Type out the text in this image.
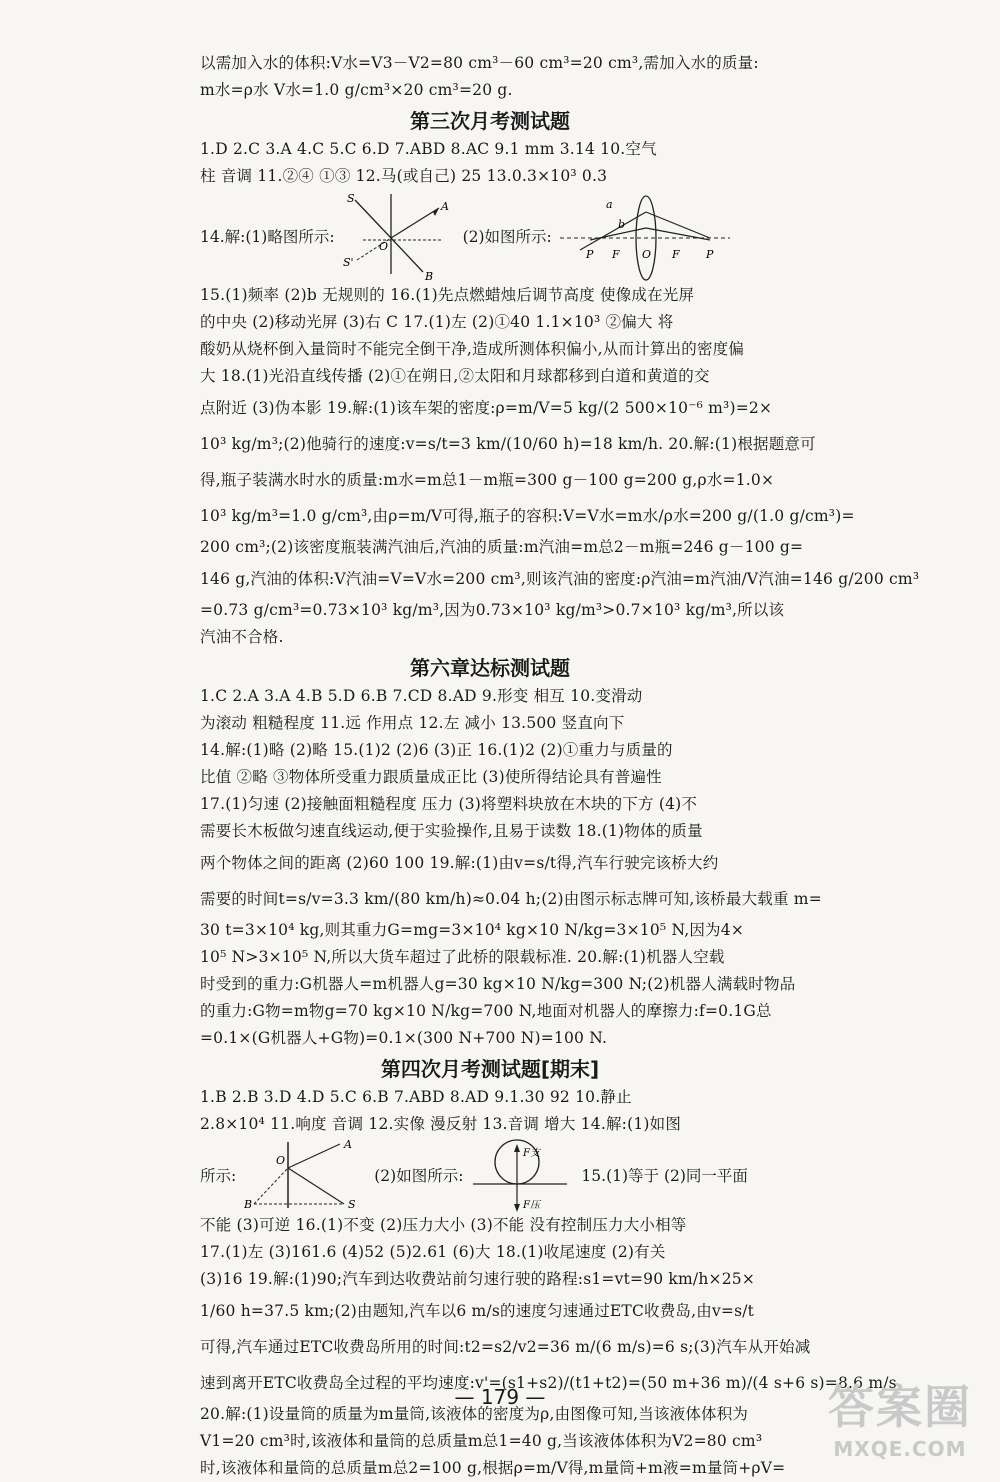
以需加入水的体积:V水=V3－V2=80 cm³－60 cm³=20 cm³,需加入水的质量:

m水=ρ水 V水=1.0 g/cm³×20 cm³=20 g.

第三次月考测试题

1.D 2.C 3.A 4.C 5.C 6.D 7.ABD 8.AC 9.1 mm 3.14 10.空气

柱 音调 11.②④ ①③ 12.马(或自己) 25 13.0.3×10³ 0.3

14.解:(1)略图所示:
S
S'
A
B
O
(2)如图所示:
a
b
P F O F P

15.(1)频率 (2)b 无规则的 16.(1)先点燃蜡烛后调节高度 使像成在光屏

的中央 (2)移动光屏 (3)右 C 17.(1)左 (2)①40 1.1×10³ ②偏大 将

酸奶从烧杯倒入量筒时不能完全倒干净,造成所测体积偏小,从而计算出的密度偏

大 18.(1)光沿直线传播 (2)①在朔日,②太阳和月球都移到白道和黄道的交

点附近 (3)伪本影 19.解:(1)该车架的密度:ρ=m/V=5 kg/(2 500×10⁻⁶ m³)=2×

10³ kg/m³;(2)他骑行的速度:v=s/t=3 km/(10/60 h)=18 km/h. 20.解:(1)根据题意可

得,瓶子装满水时水的质量:m水=m总1－m瓶=300 g－100 g=200 g,ρ水=1.0×

10³ kg/m³=1.0 g/cm³,由ρ=m/V可得,瓶子的容积:V=V水=m水/ρ水=200 g/(1.0 g/cm³)=

200 cm³;(2)该密度瓶装满汽油后,汽油的质量:m汽油=m总2－m瓶=246 g－100 g=

146 g,汽油的体积:V汽油=V=V水=200 cm³,则该汽油的密度:ρ汽油=m汽油/V汽油=146 g/200 cm³

=0.73 g/cm³=0.73×10³ kg/m³,因为0.73×10³ kg/m³>0.7×10³ kg/m³,所以该

汽油不合格.

第六章达标测试题

1.C 2.A 3.A 4.B 5.D 6.B 7.CD 8.AD 9.形变 相互 10.变滑动

为滚动 粗糙程度 11.远 作用点 12.左 减小 13.500 竖直向下

14.解:(1)略 (2)略 15.(1)2 (2)6 (3)正 16.(1)2 (2)①重力与质量的

比值 ②略 ③物体所受重力跟质量成正比 (3)使所得结论具有普遍性

17.(1)匀速 (2)接触面粗糙程度 压力 (3)将塑料块放在木块的下方 (4)不

需要长木板做匀速直线运动,便于实验操作,且易于读数 18.(1)物体的质量

两个物体之间的距离 (2)60 100 19.解:(1)由v=s/t得,汽车行驶完该桥大约

需要的时间t=s/v=3.3 km/(80 km/h)≈0.04 h;(2)由图示标志牌可知,该桥最大载重 m=

30 t=3×10⁴ kg,则其重力G=mg=3×10⁴ kg×10 N/kg=3×10⁵ N,因为4×

10⁵ N>3×10⁵ N,所以大货车超过了此桥的限载标准. 20.解:(1)机器人空载

时受到的重力:G机器人=m机器人g=30 kg×10 N/kg=300 N;(2)机器人满载时物品

的重力:G物=m物g=70 kg×10 N/kg=700 N,地面对机器人的摩擦力:f=0.1G总

=0.1×(G机器人+G物)=0.1×(300 N+700 N)=100 N.

第四次月考测试题[期末]

1.B 2.B 3.D 4.D 5.C 6.B 7.ABD 8.AD 9.1.30 92 10.静止

2.8×10⁴ 11.响度 音调 12.实像 漫反射 13.音调 增大 14.解:(1)如图

所示:
A
O
B	S
(2)如图所示:
F支
F压
15.(1)等于 (2)同一平面

不能 (3)可逆 16.(1)不变 (2)压力大小 (3)不能 没有控制压力大小相等

17.(1)左 (3)161.6 (4)52 (5)2.61 (6)大 18.(1)收尾速度 (2)有关

(3)16 19.解:(1)90;汽车到达收费站前匀速行驶的路程:s1=vt=90 km/h×25×

1/60 h=37.5 km;(2)由题知,汽车以6 m/s的速度匀速通过ETC收费岛,由v=s/t

可得,汽车通过ETC收费岛所用的时间:t2=s2/v2=36 m/(6 m/s)=6 s;(3)汽车从开始减

速到离开ETC收费岛全过程的平均速度:v'=(s1+s2)/(t1+t2)=(50 m+36 m)/(4 s+6 s)=8.6 m/s.

20.解:(1)设量筒的质量为m量筒,该液体的密度为ρ,由图像可知,当该液体体积为

V1=20 cm³时,该液体和量筒的总质量m总1=40 g,当该液体体积为V2=80 cm³

时,该液体和量筒的总质量m总2=100 g,根据ρ=m/V得,m量筒+m液=m量筒+ρV=

— 179 —	答案圈
MXQE.COM
